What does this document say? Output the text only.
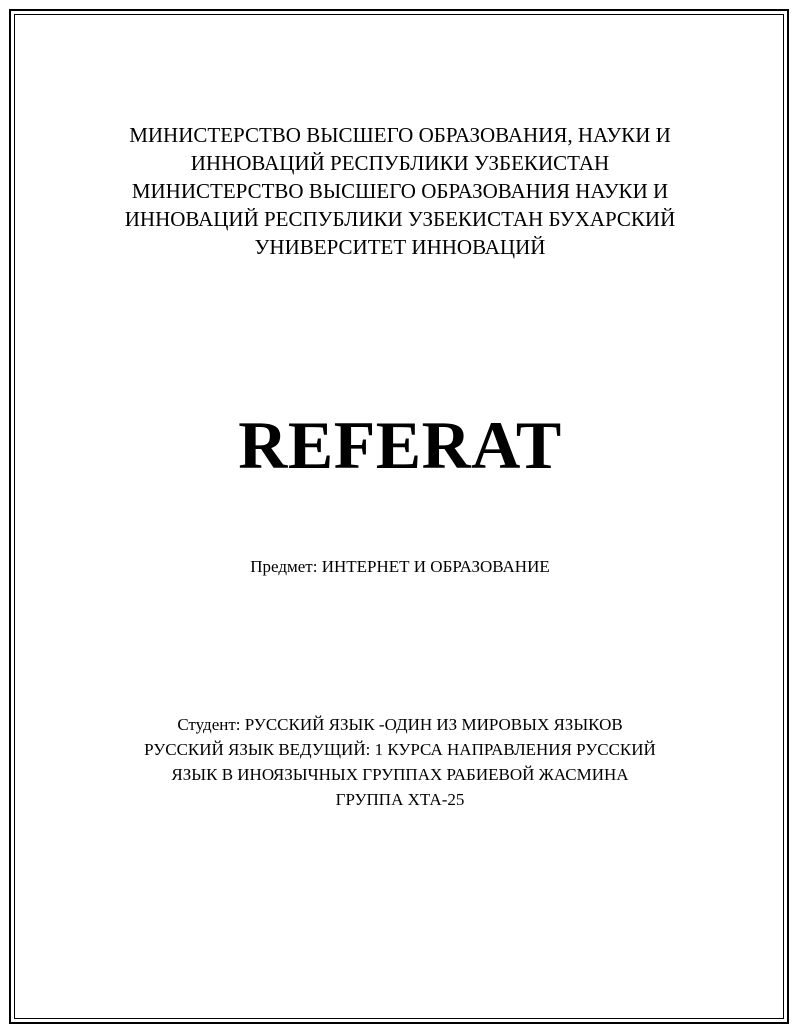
МИНИСТЕРСТВО ВЫСШЕГО ОБРАЗОВАНИЯ, НАУКИ И
ИННОВАЦИЙ РЕСПУБЛИКИ УЗБЕКИСТАН
МИНИСТЕРСТВО ВЫСШЕГО ОБРАЗОВАНИЯ НАУКИ И
ИННОВАЦИЙ РЕСПУБЛИКИ УЗБЕКИСТАН БУХАРСКИЙ
УНИВЕРСИТЕТ ИННОВАЦИЙ
REFERAT
Предмет: ИНТЕРНЕТ И ОБРАЗОВАНИЕ
Студент: РУССКИЙ ЯЗЫК -ОДИН ИЗ МИРОВЫХ ЯЗЫКОВ
РУССКИЙ ЯЗЫК ВЕДУЩИЙ: 1 КУРСА НАПРАВЛЕНИЯ РУССКИЙ
ЯЗЫК В ИНОЯЗЫЧНЫХ ГРУППАХ РАБИЕВОЙ ЖАСМИНА
ГРУППА ХТА-25
